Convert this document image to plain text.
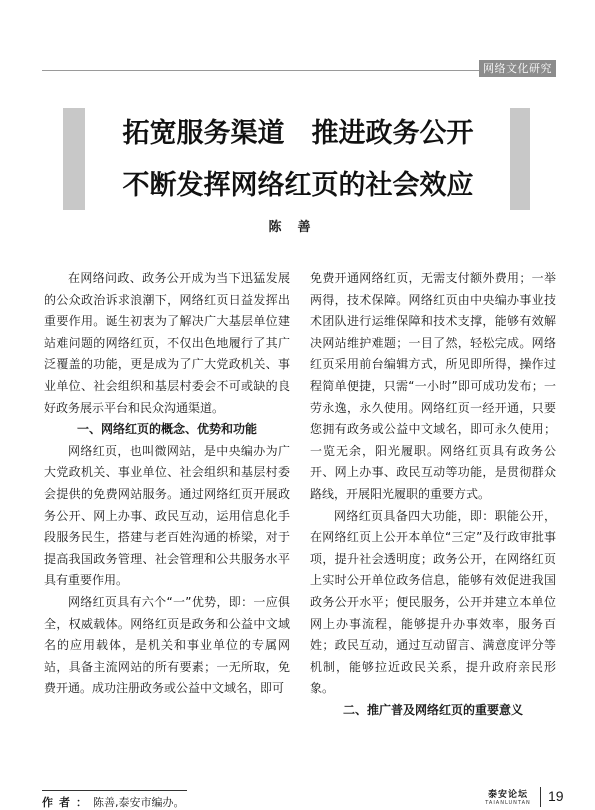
网络文化研究
拓宽服务渠道　推进政务公开
不断发挥网络红页的社会效应
陈善

在网络问政、政务公开成为当下迅猛发展的公众政治诉求浪潮下，网络红页日益发挥出重要作用。诞生初衷为了解决广大基层单位建站难问题的网络红页，不仅出色地履行了其广泛覆盖的功能，更是成为了广大党政机关、事业单位、社会组织和基层村委会不可或缺的良好政务展示平台和民众沟通渠道。

一、网络红页的概念、优势和功能

网络红页，也叫微网站，是中央编办为广大党政机关、事业单位、社会组织和基层村委会提供的免费网站服务。通过网络红页开展政务公开、网上办事、政民互动，运用信息化手段服务民生，搭建与老百姓沟通的桥梁，对于提高我国政务管理、社会管理和公共服务水平具有重要作用。

网络红页具有六个“一”优势，即：一应俱全，权威载体。网络红页是政务和公益中文域名的应用载体，是机关和事业单位的专属网站，具备主流网站的所有要素；一无所取，免费开通。成功注册政务或公益中文域名，即可

免费开通网络红页，无需支付额外费用；一举两得，技术保障。网络红页由中央编办事业技术团队进行运维保障和技术支撑，能够有效解决网站维护难题；一目了然，轻松完成。网络红页采用前台编辑方式，所见即所得，操作过程简单便捷，只需“一小时”即可成功发布；一劳永逸，永久使用。网络红页一经开通，只要您拥有政务或公益中文域名，即可永久使用；一览无余，阳光履职。网络红页具有政务公开、网上办事、政民互动等功能，是贯彻群众路线，开展阳光履职的重要方式。

网络红页具备四大功能，即：职能公开，在网络红页上公开本单位“三定”及行政审批事项，提升社会透明度；政务公开，在网络红页上实时公开单位政务信息，能够有效促进我国政务公开水平；便民服务，公开并建立本单位网上办事流程，能够提升办事效率，服务百姓；政民互动，通过互动留言、满意度评分等机制，能够拉近政民关系，提升政府亲民形象。

二、推广普及网络红页的重要意义
作者：陈善,泰安市编办。
泰安论坛
TAIANLUNTAN	19
